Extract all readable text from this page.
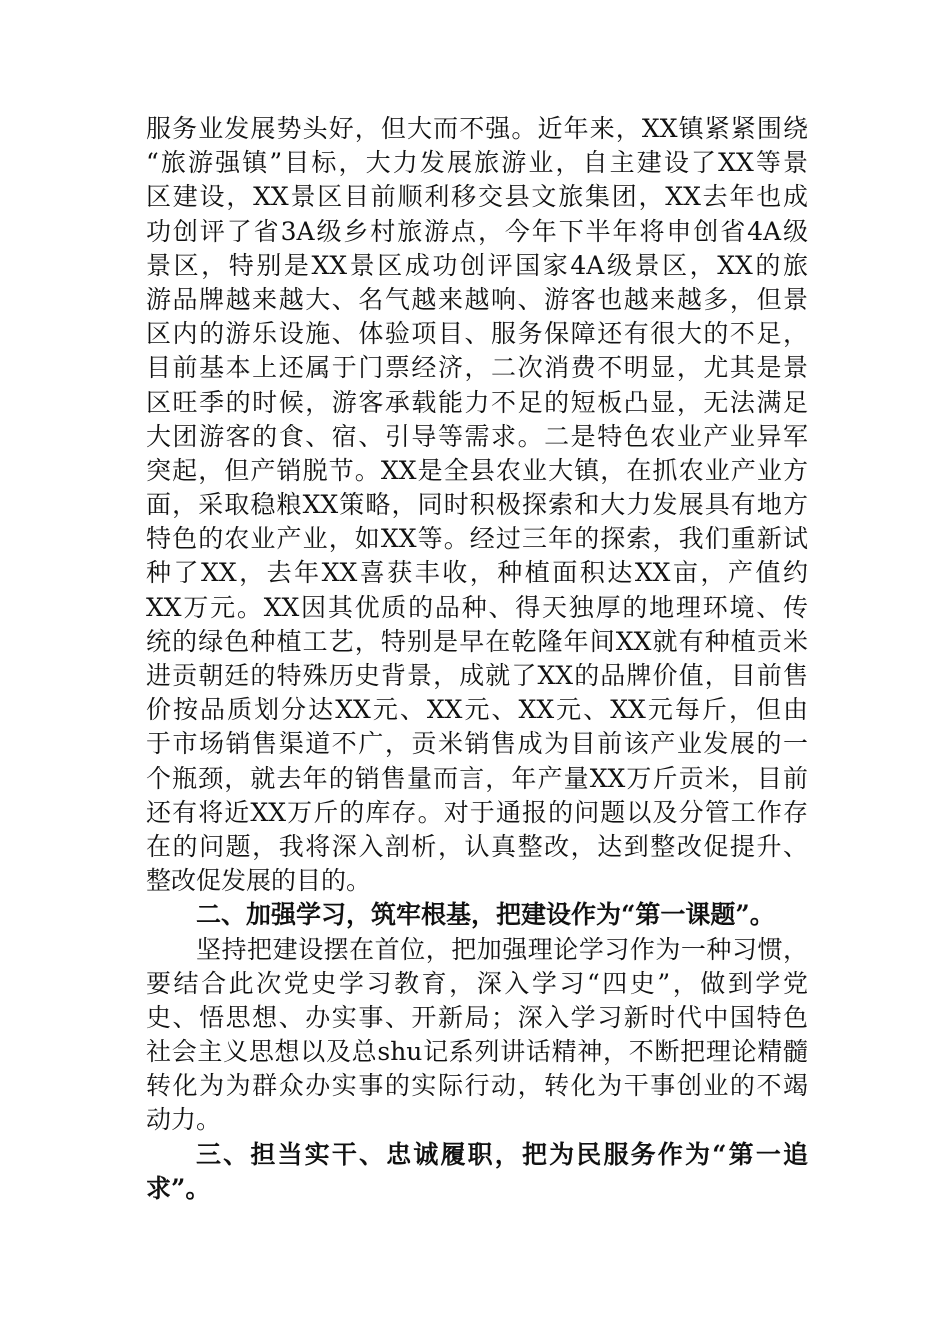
服务业发展势头好，但大而不强。近年来，XX镇紧紧围绕
“旅游强镇”目标，大力发展旅游业，自主建设了XX等景
区建设，XX景区目前顺利移交县文旅集团，XX去年也成
功创评了省3A级乡村旅游点，今年下半年将申创省4A级
景区，特别是XX景区成功创评国家4A级景区，XX的旅
游品牌越来越大、名气越来越响、游客也越来越多，但景
区内的游乐设施、体验项目、服务保障还有很大的不足，
目前基本上还属于门票经济，二次消费不明显，尤其是景
区旺季的时候，游客承载能力不足的短板凸显，无法满足
大团游客的食、宿、引导等需求。二是特色农业产业异军
突起，但产销脱节。XX是全县农业大镇，在抓农业产业方
面，采取稳粮XX策略，同时积极探索和大力发展具有地方
特色的农业产业，如XX等。经过三年的探索，我们重新试
种了XX，去年XX喜获丰收，种植面积达XX亩，产值约
XX万元。XX因其优质的品种、得天独厚的地理环境、传
统的绿色种植工艺，特别是早在乾隆年间XX就有种植贡米
进贡朝廷的特殊历史背景，成就了XX的品牌价值，目前售
价按品质划分达XX元、XX元、XX元、XX元每斤，但由
于市场销售渠道不广，贡米销售成为目前该产业发展的一
个瓶颈，就去年的销售量而言，年产量XX万斤贡米，目前
还有将近XX万斤的库存。对于通报的问题以及分管工作存
在的问题，我将深入剖析，认真整改，达到整改促提升、
整改促发展的目的。
二、加强学习，筑牢根基，把建设作为“第一课题”。
坚持把建设摆在首位，把加强理论学习作为一种习惯，
要结合此次党史学习教育，深入学习“四史”，做到学党
史、悟思想、办实事、开新局；深入学习新时代中国特色
社会主义思想以及总shu记系列讲话精神，不断把理论精髓
转化为为群众办实事的实际行动，转化为干事创业的不竭
动力。
三、担当实干、忠诚履职，把为民服务作为“第一追
求”。
